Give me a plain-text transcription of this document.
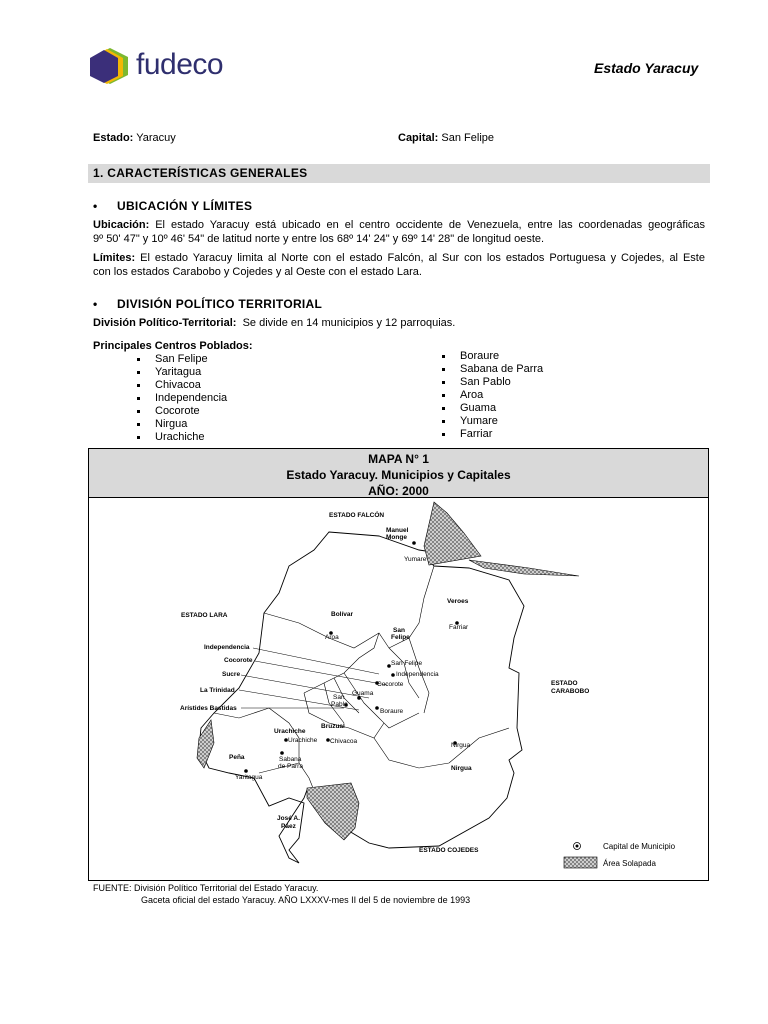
fudeco	Estado Yaracuy
Estado: Yaracuy	Capital: San Felipe
1. CARACTERÍSTICAS GENERALES
• UBICACIÓN Y LÍMITES
Ubicación: El estado Yaracuy está ubicado en el centro occidente de Venezuela, entre las coordenadas geográficas
9º 50' 47" y 10º 46' 54" de latitud norte y entre los 68º 14' 24" y 69º 14' 28" de longitud oeste.
Límites: El estado Yaracuy limita al Norte con el estado Falcón, al Sur con los estados Portuguesa y Cojedes, al Este
con los estados Carabobo y Cojedes y al Oeste con el estado Lara.
• DIVISIÓN POLÍTICO TERRITORIAL
División Político-Territorial: Se divide en 14 municipios y 12 parroquias.
Principales Centros Poblados:
San Felipe
Yaritagua
Chivacoa
Independencia
Cocorote
Nirgua
Urachiche
Boraure
Sabana de Parra
San Pablo
Aroa
Guama
Yumare
Farriar
MAPA N° 1
Estado Yaracuy. Municipios y Capitales
AÑO: 2000
ESTADO FALCÓN
Manuel
Monge
Yumare
Veroes
Farriar
ESTADO LARA	Bolívar
Aroa
San
Felipe
Independencia
Cocorote
Sucre
La Trinidad
Arístides Bastidas
San Felipe
Independencia
Cocorote
Guama
San
Pablo
Boraure
Bruzual
Urachiche
Urachiche Chivacoa
Peña	Sabana
de Parra
Yaritagua
Nirgua
Nirgua
José A.
Páez
ESTADO
CARABOBO
ESTADO COJEDES	Capital de Municipio
Área Solapada
FUENTE: División Político Territorial del Estado Yaracuy.
Gaceta oficial del estado Yaracuy. AÑO LXXXV-mes II del 5 de noviembre de 1993
